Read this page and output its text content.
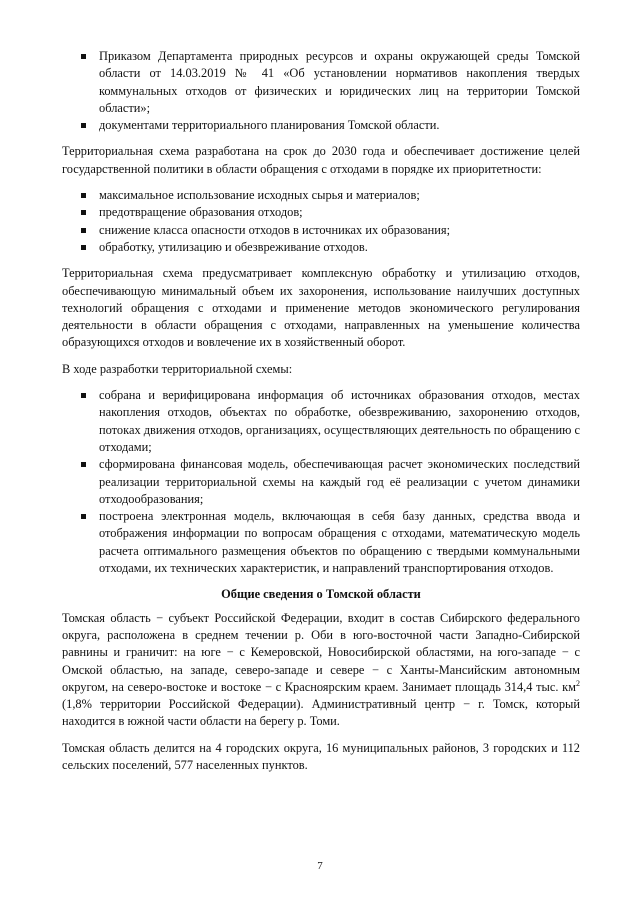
Приказом Департамента природных ресурсов и охраны окружающей среды Томской области от 14.03.2019 № 41 «Об установлении нормативов накопления твердых коммунальных отходов от физических и юридических лиц на территории Томской области»;
документами территориального планирования Томской области.

Территориальная схема разработана на срок до 2030 года и обеспечивает достижение целей государственной политики в области обращения с отходами в порядке их приоритетности:

максимальное использование исходных сырья и материалов;
предотвращение образования отходов;
снижение класса опасности отходов в источниках их образования;
обработку, утилизацию и обезвреживание отходов.

Территориальная схема предусматривает комплексную обработку и утилизацию отходов, обеспечивающую минимальный объем их захоронения, использование наилучших доступных технологий обращения с отходами и применение методов экономического регулирования деятельности в области обращения с отходами, направленных на уменьшение количества образующихся отходов и вовлечение их в хозяйственный оборот.

В ходе разработки территориальной схемы:

собрана и верифицирована информация об источниках образования отходов, местах накопления отходов, объектах по обработке, обезвреживанию, захоронению отходов, потоках движения отходов, организациях, осуществляющих деятельность по обращению с отходами;
сформирована финансовая модель, обеспечивающая расчет экономических последствий реализации территориальной схемы на каждый год её реализации с учетом динамики отходообразования;
построена электронная модель, включающая в себя базу данных, средства ввода и отображения информации по вопросам обращения с отходами, математическую модель расчета оптимального размещения объектов по обращению с твердыми коммунальными отходами, их технических характеристик, и направлений транспортирования отходов.
Общие сведения о Томской области

Томская область − субъект Российской Федерации, входит в состав Сибирского федерального округа, расположена в среднем течении р. Оби в юго-восточной части Западно-Сибирской равнины и граничит: на юге − с Кемеровской, Новосибирской областями, на юго-западе − с Омской областью, на западе, северо-западе и севере − с Ханты-Мансийским автономным округом, на северо-востоке и востоке − с Красноярским краем. Занимает площадь 314,4 тыс. $км^2$ (1,8% территории Российской Федерации). Административный центр − г. Томск, который находится в южной части области на берегу р. Томи.

Томская область делится на 4 городских округа, 16 муниципальных районов, 3 городских и 112 сельских поселений, 577 населенных пунктов.

7
